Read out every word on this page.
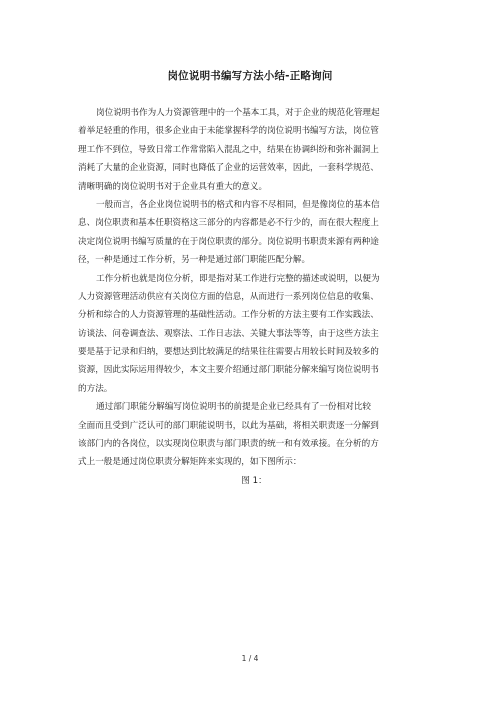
岗位说明书编写方法小结-正略询问
岗位说明书作为人力资源管理中的一个基本工具，对于企业的规范化管理起
着举足轻重的作用，很多企业由于未能掌握科学的岗位说明书编写方法，岗位管
理工作不到位，导致日常工作常常陷入混乱之中，结果在协调纠纷和弥补漏洞上
消耗了大量的企业资源，同时也降低了企业的运营效率，因此，一套科学规范、
清晰明确的岗位说明书对于企业具有重大的意义。
一般而言，各企业岗位说明书的格式和内容不尽相同，但是像岗位的基本信
息、岗位职责和基本任职资格这三部分的内容都是必不行少的，而在很大程度上
决定岗位说明书编写质量的在于岗位职责的部分。岗位说明书职责来源有两种途
径，一种是通过工作分析，另一种是通过部门职能匹配分解。
工作分析也就是岗位分析，即是指对某工作进行完整的描述或说明，以便为
人力资源管理活动供应有关岗位方面的信息，从而进行一系列岗位信息的收集、
分析和综合的人力资源管理的基础性活动。工作分析的方法主要有工作实践法、
访谈法、问卷调查法、观察法、工作日志法、关键大事法等等，由于这些方法主
要是基于记录和归纳，要想达到比较满足的结果往往需要占用较长时间及较多的
资源，因此实际运用得较少，本文主要介绍通过部门职能分解来编写岗位说明书
的方法。
通过部门职能分解编写岗位说明书的前提是企业已经具有了一份相对比较
全面而且受到广泛认可的部门职能说明书，以此为基础，将相关职责逐一分解到
该部门内的各岗位，以实现岗位职责与部门职责的统一和有效承接。在分析的方
式上一般是通过岗位职责分解矩阵来实现的，如下图所示：
图 1：
1 / 4
